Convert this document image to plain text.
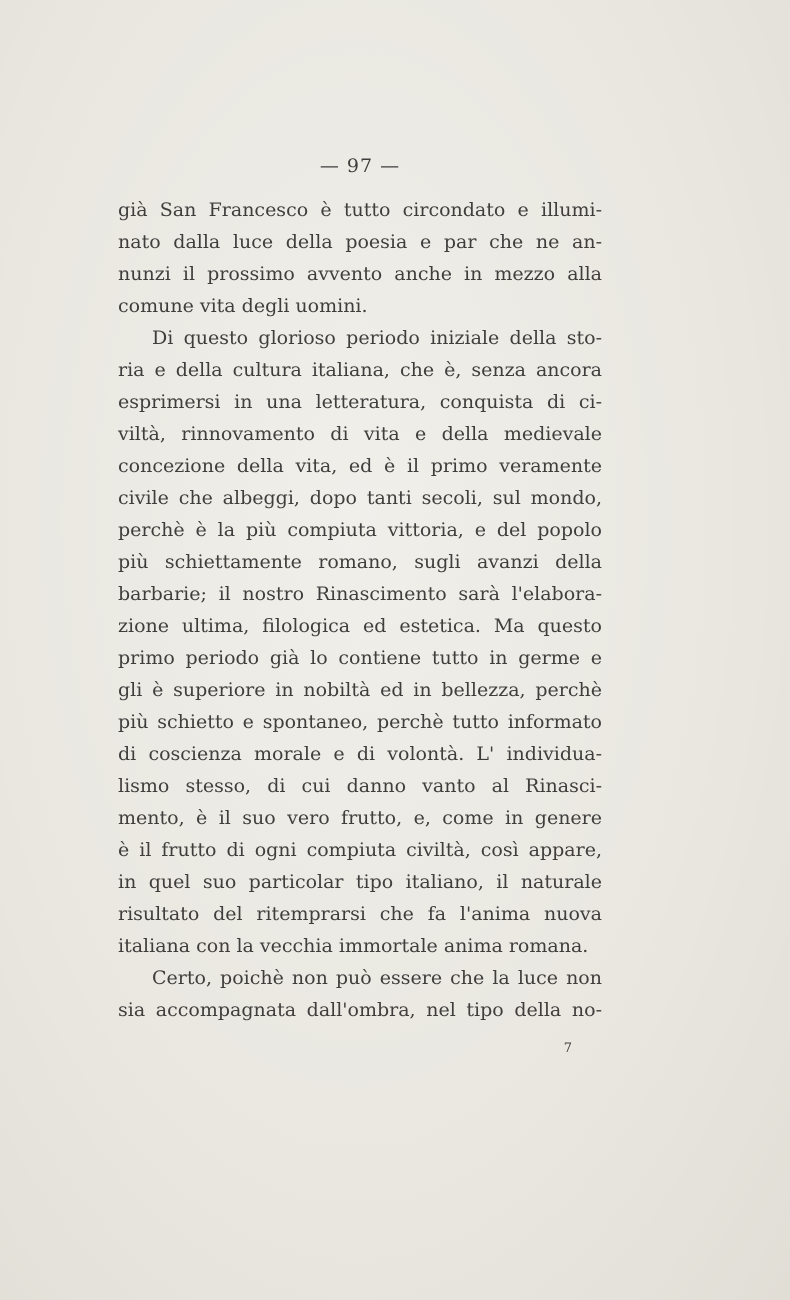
— 97 —

già San Francesco è tutto circondato e illumi-
nato dalla luce della poesia e par che ne an-
nunzi il prossimo avvento anche in mezzo alla
comune vita degli uomini.

Di questo glorioso periodo iniziale della sto-
ria e della cultura italiana, che è, senza ancora
esprimersi in una letteratura, conquista di ci-
viltà, rinnovamento di vita e della medievale
concezione della vita, ed è il primo veramente
civile che albeggi, dopo tanti secoli, sul mondo,
perchè è la più compiuta vittoria, e del popolo
più schiettamente romano, sugli avanzi della
barbarie; il nostro Rinascimento sarà l'elabora-
zione ultima, filologica ed estetica. Ma questo
primo periodo già lo contiene tutto in germe e
gli è superiore in nobiltà ed in bellezza, perchè
più schietto e spontaneo, perchè tutto informato
di coscienza morale e di volontà. L' individua-
lismo stesso, di cui danno vanto al Rinasci-
mento, è il suo vero frutto, e, come in genere
è il frutto di ogni compiuta civiltà, così appare,
in quel suo particolar tipo italiano, il naturale
risultato del ritemprarsi che fa l'anima nuova
italiana con la vecchia immortale anima romana.

Certo, poichè non può essere che la luce non
sia accompagnata dall'ombra, nel tipo della no-

7
